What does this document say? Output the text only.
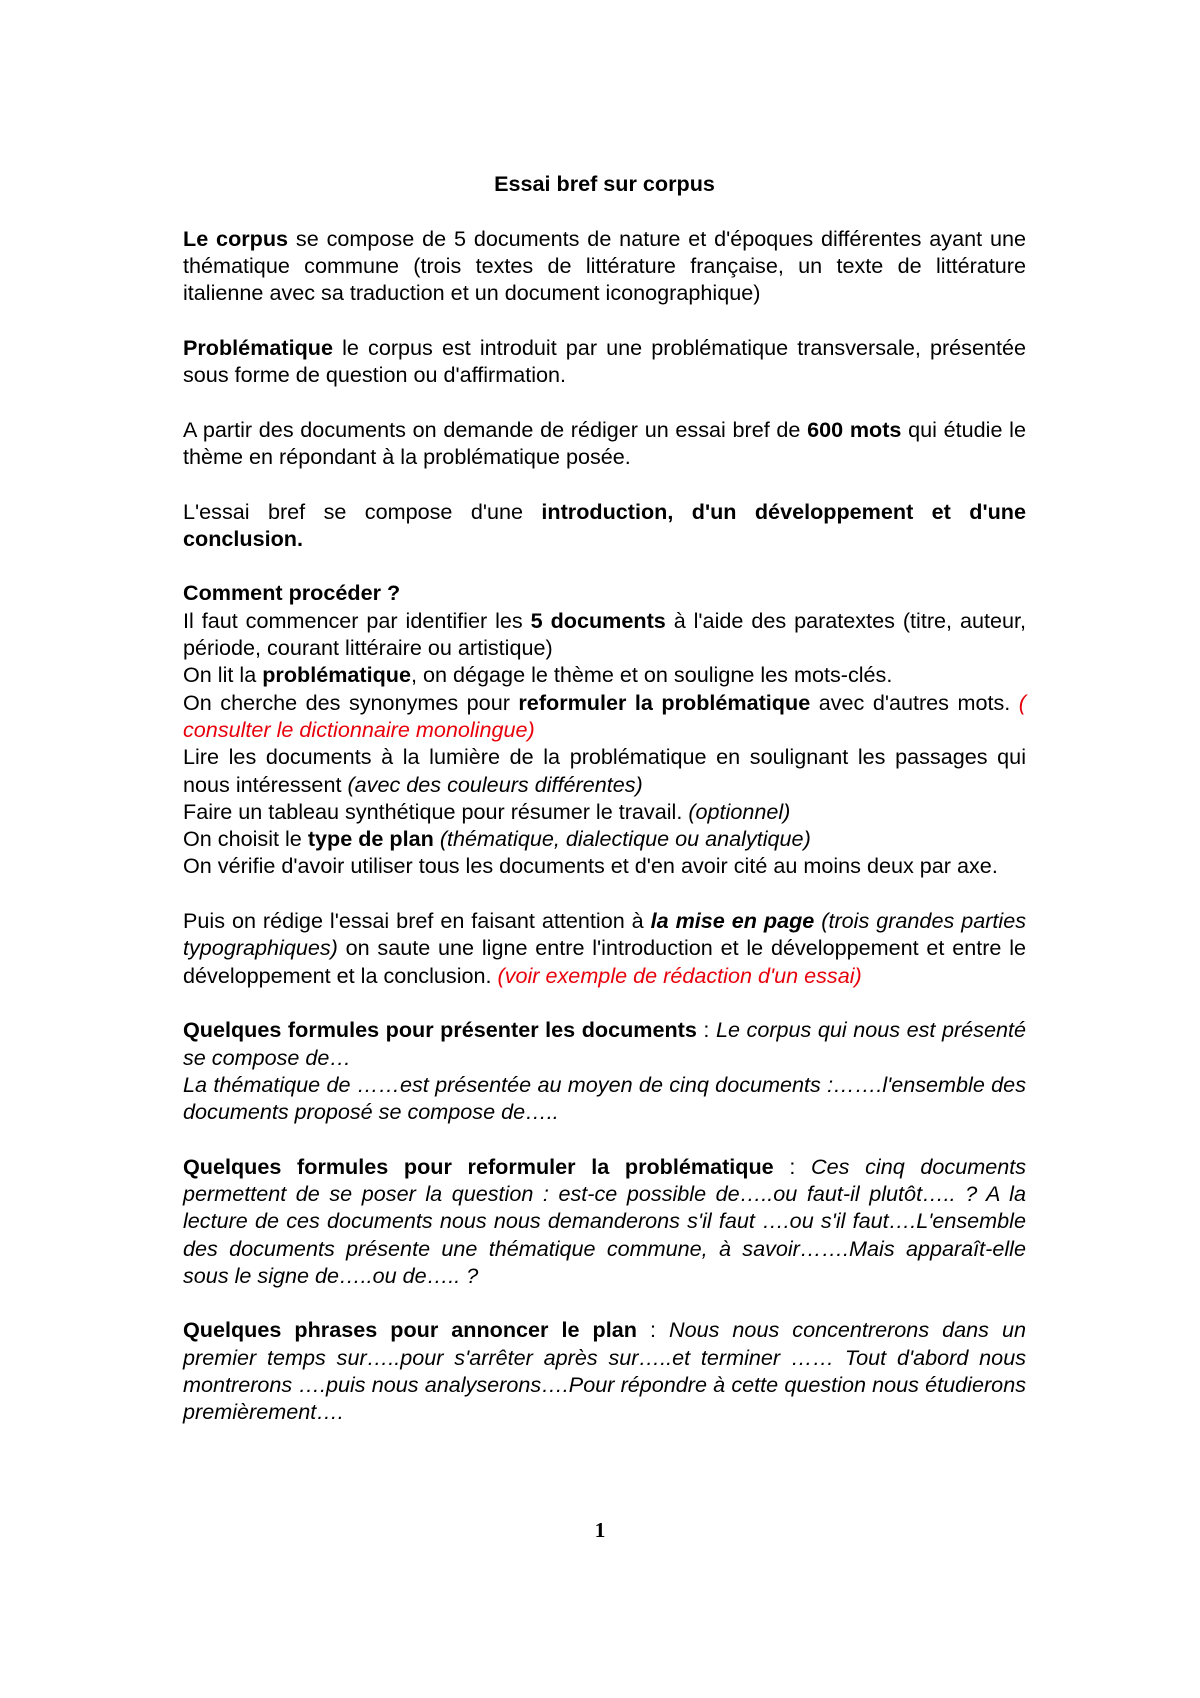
Essai bref sur corpus

Le corpus se compose de 5 documents de nature et d'époques différentes ayant une thématique commune (trois textes de littérature française, un texte de littérature italienne avec sa traduction et un document iconographique)

Problématique le corpus est introduit par une problématique transversale, présentée sous forme de question ou d'affirmation.

A partir des documents on demande de rédiger un essai bref de 600 mots qui étudie le thème en répondant à la problématique posée.

L'essai bref se compose d'une introduction, d'un développement et d'une conclusion.

Comment procéder ?
Il faut commencer par identifier les 5 documents à l'aide des paratextes (titre, auteur, période, courant littéraire ou artistique)
On lit la problématique, on dégage le thème et on souligne les mots-clés.
On cherche des synonymes pour reformuler la problématique avec d'autres mots. ( consulter le dictionnaire monolingue)
Lire les documents à la lumière de la problématique en soulignant les passages qui nous intéressent (avec des couleurs différentes)
Faire un tableau synthétique pour résumer le travail. (optionnel)
On choisit le type de plan (thématique, dialectique ou analytique)
On vérifie d'avoir utiliser tous les documents et d'en avoir cité au moins deux par axe.

Puis on rédige l'essai bref en faisant attention à la mise en page (trois grandes parties typographiques) on saute une ligne entre l'introduction et le développement et entre le développement et la conclusion. (voir exemple de rédaction d'un essai)

Quelques formules pour présenter les documents : Le corpus qui nous est présenté se compose de…
La thématique de ……est présentée au moyen de cinq documents :…….l'ensemble des documents proposé se compose de…..

Quelques formules pour reformuler la problématique : Ces cinq documents permettent de se poser la question : est-ce possible de…..ou faut-il plutôt….. ? A la lecture de ces documents nous nous demanderons s'il faut ….ou s'il faut….L'ensemble des documents présente une thématique commune, à savoir…….Mais apparaît-elle sous le signe de…..ou de….. ?

Quelques phrases pour annoncer le plan : Nous nous concentrerons dans un premier temps sur…..pour s'arrêter après sur…..et terminer …… Tout d'abord nous montrerons ….puis nous analyserons….Pour répondre à cette question nous étudierons premièrement….

1
